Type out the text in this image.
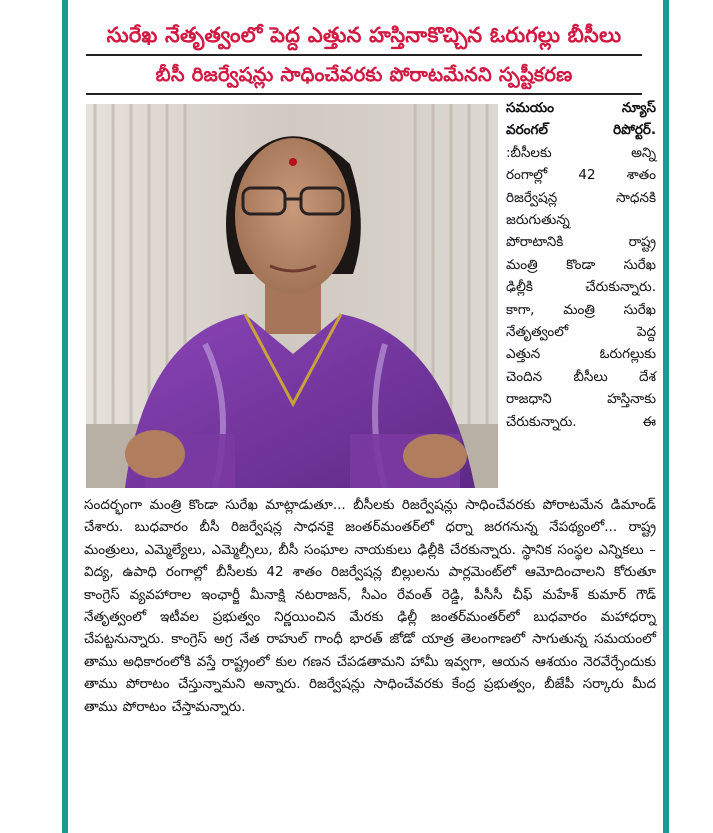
సురేఖ నేతృత్వంలో పెద్ద ఎత్తున హస్తినాకొచ్చిన ఓరుగల్లు బీసీలు
బీసీ రిజర్వేషన్లు సాధించేవరకు పోరాటమేనని స్పష్టీకరణ

సమయం న్యూస్

వరంగల్ రిపోర్టర్.

:బీసీలకు అన్ని

రంగాల్లో 42 శాతం

రిజర్వేషన్ల సాధనకి

జరుగుతున్న

పోరాటానికి రాష్ట్ర

మంత్రి కొండా సురేఖ

ఢిల్లీకి చేరుకున్నారు.

కాగా, మంత్రి సురేఖ

నేతృత్వంలో పెద్ద

ఎత్తున ఓరుగల్లుకు

చెందిన బీసీలు దేశ

రాజధాని హస్తినాకు

చేరుకున్నారు. ఈ

సందర్భంగా మంత్రి కొండా సురేఖ మాట్లాడుతూ... బీసీలకు రిజర్వేషన్లు సాధించేవరకు పోరాటమేన డిమాండ్ చేశారు. బుధవారం బీసీ రిజర్వేషన్ల సాధనకై జంతర్‌మంతర్‌లో ధర్నా జరగనున్న నేపథ్యంలో... రాష్ట్ర మంత్రులు, ఎమ్మెల్యేలు, ఎమ్మెల్సీలు, బీసీ సంఘాల నాయకులు ఢిల్లీకి చేరకున్నారు. స్థానిక సంస్థల ఎన్నికలు – విద్య, ఉపాధి రంగాల్లో బీసీలకు 42 శాతం రిజర్వేషన్ల బిల్లులను పార్లమెంట్‌లో ఆమోదించాలని కోరుతూ కాంగ్రెస్ వ్యవహారాల ఇంఛార్జీ మీనాక్షి నటరాజన్, సీఎం రేవంత్ రెడ్డి, పీసీసీ చీఫ్ మహేశ్ కుమార్ గౌడ్ నేతృత్వంలో ఇటీవల ప్రభుత్వం నిర్ణయించిన మేరకు ఢిల్లీ జంతర్‌మంతర్‌లో బుధవారం మహాధర్నా చేపట్టనున్నారు. కాంగ్రెస్ అగ్ర నేత రాహుల్ గాంధీ భారత్ జోడో యాత్ర తెలంగాణలో సాగుతున్న సమయంలో తాము అధికారంలోకి వస్తే రాష్ట్రంలో కుల గణన చేపడతామని హామీ ఇవ్వగా, ఆయన ఆశయం నెరవేర్చేందుకు తాము పోరాటం చేస్తున్నామని అన్నారు. రిజర్వేషన్లు సాధించేవరకు కేంద్ర ప్రభుత్వం, బీజేపీ సర్కారు మీద తాము పోరాటం చేస్తామన్నారు.
